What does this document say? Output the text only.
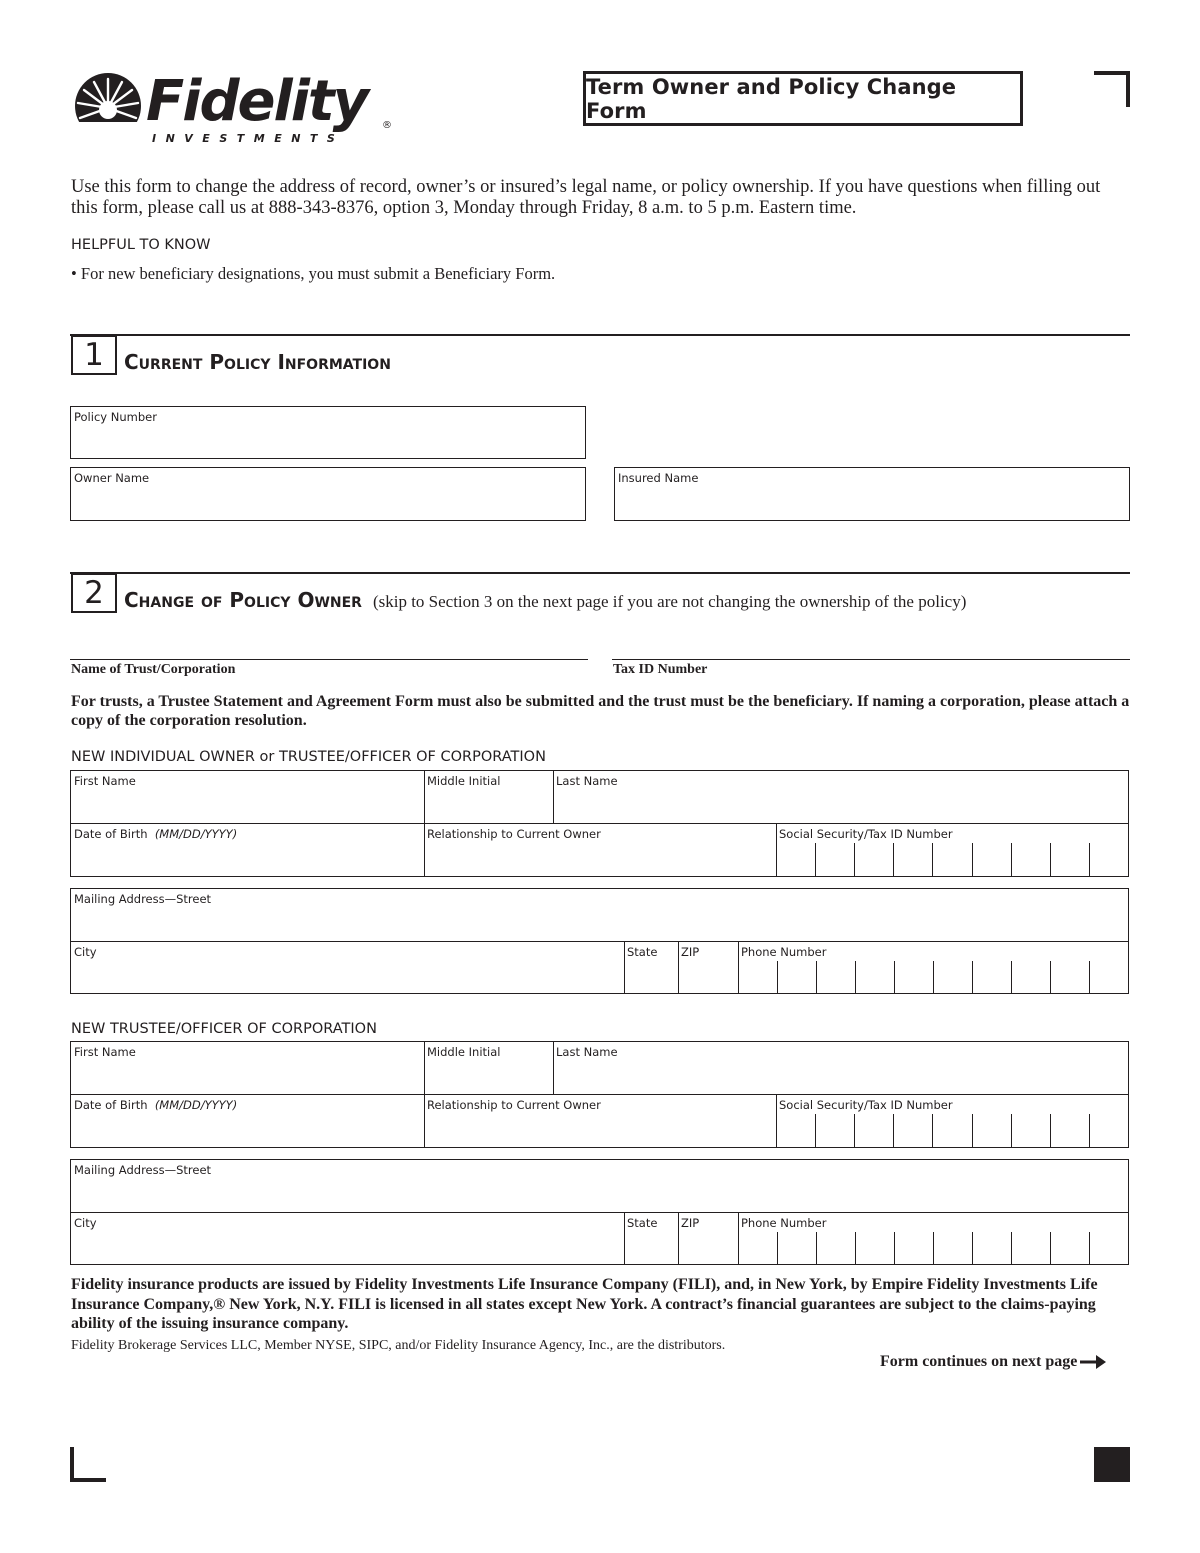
Fidelity ®
INVESTMENTS
Term Owner and Policy Change Form

Use this form to change the address of record, owner’s or insured’s legal name, or policy ownership. If you have questions when filling out this form, please call us at 888-343-8376, option 3, Monday through Friday, 8 a.m. to 5 p.m. Eastern time.

HELPFUL TO KNOW

• For new beneficiary designations, you must submit a Beneficiary Form.

1	Current Policy Information
Policy Number
Owner Name	Insured Name
2	Change of Policy Owner (skip to Section 3 on the next page if you are not changing the ownership of the policy)
Name of Trust/Corporation	Tax ID Number

For trusts, a Trustee Statement and Agreement Form must also be submitted and the trust must be the beneficiary. If naming a corporation, please attach a copy of the corporation resolution.

NEW INDIVIDUAL OWNER or TRUSTEE/OFFICER OF CORPORATION

First Name	Middle Initial	Last Name
Date of Birth (MM/DD/YYYY)	Relationship to Current Owner	Social Security/Tax ID Number
Mailing Address—Street
City	State ZIP	Phone Number

NEW TRUSTEE/OFFICER OF CORPORATION

First Name	Middle Initial	Last Name
Date of Birth (MM/DD/YYYY)	Relationship to Current Owner	Social Security/Tax ID Number
Mailing Address—Street
City	State ZIP	Phone Number

Fidelity insurance products are issued by Fidelity Investments Life Insurance Company (FILI), and, in New York, by Empire Fidelity Investments Life Insurance Company,® New York, N.Y. FILI is licensed in all states except New York. A contract’s financial guarantees are subject to the claims-paying ability of the issuing insurance company.

Fidelity Brokerage Services LLC, Member NYSE, SIPC, and/or Fidelity Insurance Agency, Inc., are the distributors.

Form continues on next page
